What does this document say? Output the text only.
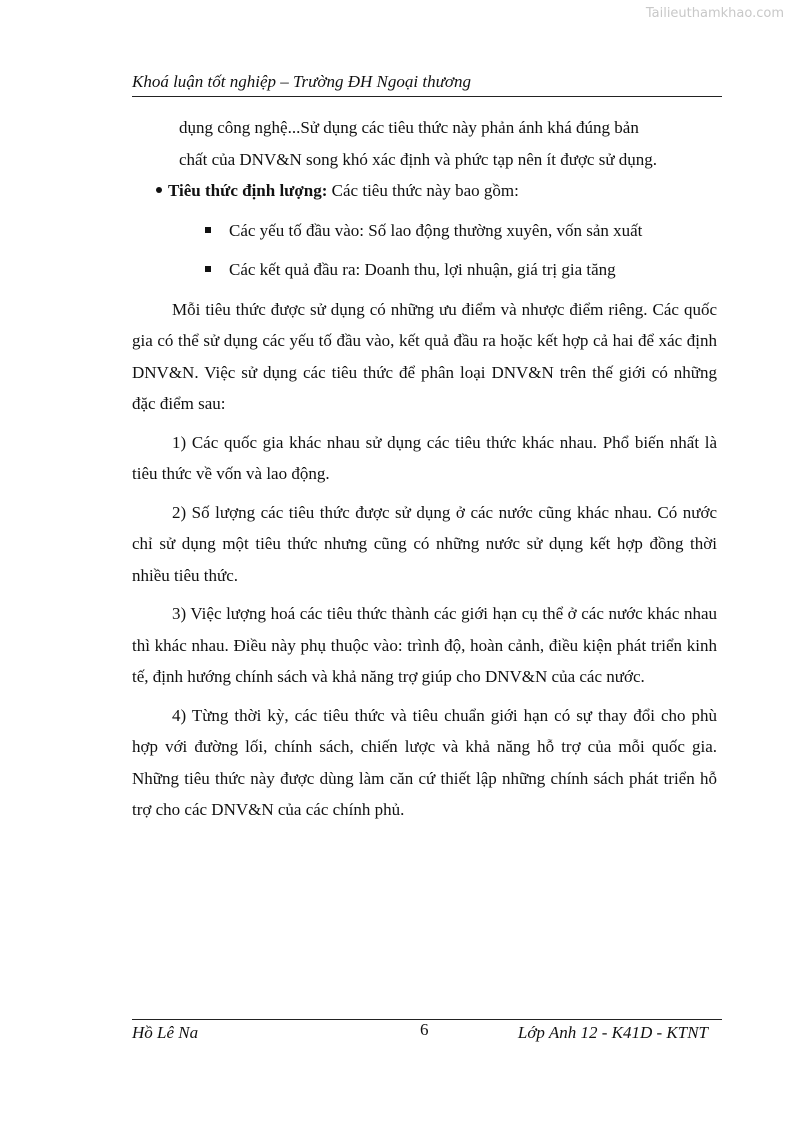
Tailieuthamkhao.com
Khoá luận tốt nghiệp – Trường ĐH Ngoại thương

dụng công nghệ...Sử dụng các tiêu thức này phản ánh khá đúng bản

chất của DNV&N song khó xác định và phức tạp nên ít được sử dụng.

Tiêu thức định lượng: Các tiêu thức này bao gồm:

Các yếu tố đầu vào: Số lao động thường xuyên, vốn sản xuất
Các kết quả đầu ra: Doanh thu, lợi nhuận, giá trị gia tăng

Mỗi tiêu thức được sử dụng có những ưu điểm và nhược điểm riêng. Các quốc gia có thể sử dụng các yếu tố đầu vào, kết quả đầu ra hoặc kết hợp cả hai để xác định DNV&N. Việc sử dụng các tiêu thức để phân loại DNV&N trên thế giới có những đặc điểm sau:

1) Các quốc gia khác nhau sử dụng các tiêu thức khác nhau. Phổ biến nhất là tiêu thức về vốn và lao động.

2) Số lượng các tiêu thức được sử dụng ở các nước cũng khác nhau. Có nước chỉ sử dụng một tiêu thức nhưng cũng có những nước sử dụng kết hợp đồng thời nhiều tiêu thức.

3) Việc lượng hoá các tiêu thức thành các giới hạn cụ thể ở các nước khác nhau thì khác nhau. Điều này phụ thuộc vào: trình độ, hoàn cảnh, điều kiện phát triển kinh tế, định hướng chính sách và khả năng trợ giúp cho DNV&N của các nước.

4) Từng thời kỳ, các tiêu thức và tiêu chuẩn giới hạn có sự thay đổi cho phù hợp với đường lối, chính sách, chiến lược và khả năng hỗ trợ của mỗi quốc gia. Những tiêu thức này được dùng làm căn cứ thiết lập những chính sách phát triển hỗ trợ cho các DNV&N của các chính phủ.

Hồ Lê Na	6	Lớp Anh 12 - K41D - KTNT
